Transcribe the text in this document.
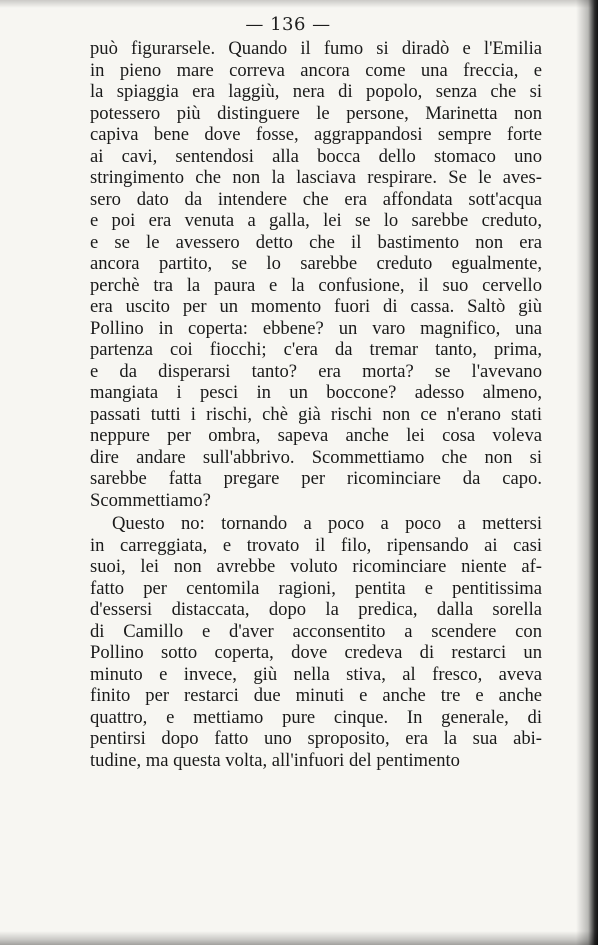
— 136 —
può figurarsele. Quando il fumo si diradò e l'Emilia
in pieno mare correva ancora come una freccia, e
la spiaggia era laggiù, nera di popolo, senza che si
potessero più distinguere le persone, Marinetta non
capiva bene dove fosse, aggrappandosi sempre forte
ai cavi, sentendosi alla bocca dello stomaco uno
stringimento che non la lasciava respirare. Se le aves-
sero dato da intendere che era affondata sott'acqua
e poi era venuta a galla, lei se lo sarebbe creduto,
e se le avessero detto che il bastimento non era
ancora partito, se lo sarebbe creduto egualmente,
perchè tra la paura e la confusione, il suo cervello
era uscito per un momento fuori di cassa. Saltò giù
Pollino in coperta: ebbene? un varo magnifico, una
partenza coi fiocchi; c'era da tremar tanto, prima,
e da disperarsi tanto? era morta? se l'avevano
mangiata i pesci in un boccone? adesso almeno,
passati tutti i rischi, chè già rischi non ce n'erano stati
neppure per ombra, sapeva anche lei cosa voleva
dire andare sull'abbrivo. Scommettiamo che non si
sarebbe fatta pregare per ricominciare da capo.
Scommettiamo?
Questo no: tornando a poco a poco a mettersi
in carreggiata, e trovato il filo, ripensando ai casi
suoi, lei non avrebbe voluto ricominciare niente af-
fatto per centomila ragioni, pentita e pentitissima
d'essersi distaccata, dopo la predica, dalla sorella
di Camillo e d'aver acconsentito a scendere con
Pollino sotto coperta, dove credeva di restarci un
minuto e invece, giù nella stiva, al fresco, aveva
finito per restarci due minuti e anche tre e anche
quattro, e mettiamo pure cinque. In generale, di
pentirsi dopo fatto uno sproposito, era la sua abi-
tudine, ma questa volta, all'infuori del pentimento
